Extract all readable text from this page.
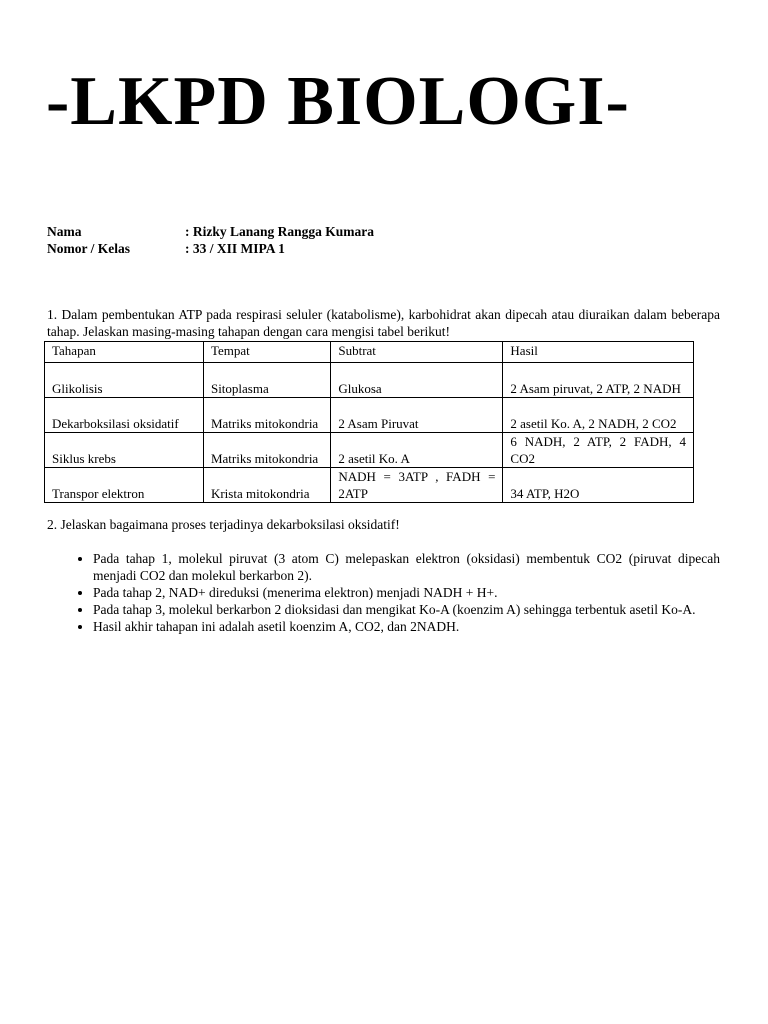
-LKPD BIOLOGI-
Nama	: Rizky Lanang Rangga Kumara
Nomor / Kelas	: 33 / XII MIPA 1
1. Dalam pembentukan ATP pada respirasi seluler (katabolisme), karbohidrat akan dipecah atau diuraikan dalam beberapa tahap. Jelaskan masing-masing tahapan dengan cara mengisi tabel berikut!
Tahapan	Tempat	Subtrat	Hasil
Glikolisis	Sitoplasma	Glukosa	2 Asam piruvat, 2 ATP, 2 NADH
Dekarboksilasi oksidatif	Matriks mitokondria	2 Asam Piruvat	2 asetil Ko. A, 2 NADH, 2 CO2
Siklus krebs	Matriks mitokondria	2 asetil Ko. A	6 NADH, 2 ATP, 2 FADH, 4 CO2
Transpor elektron	Krista mitokondria	NADH = 3ATP , FADH = 2ATP	34 ATP, H2O
2. Jelaskan bagaimana proses terjadinya dekarboksilasi oksidatif!
• Pada tahap 1, molekul piruvat (3 atom C) melepaskan elektron (oksidasi) membentuk CO2 (piruvat dipecah menjadi CO2 dan molekul berkarbon 2).
• Pada tahap 2, NAD+ direduksi (menerima elektron) menjadi NADH + H+.
• Pada tahap 3, molekul berkarbon 2 dioksidasi dan mengikat Ko-A (koenzim A) sehingga terbentuk asetil Ko-A.
• Hasil akhir tahapan ini adalah asetil koenzim A, CO2, dan 2NADH.
